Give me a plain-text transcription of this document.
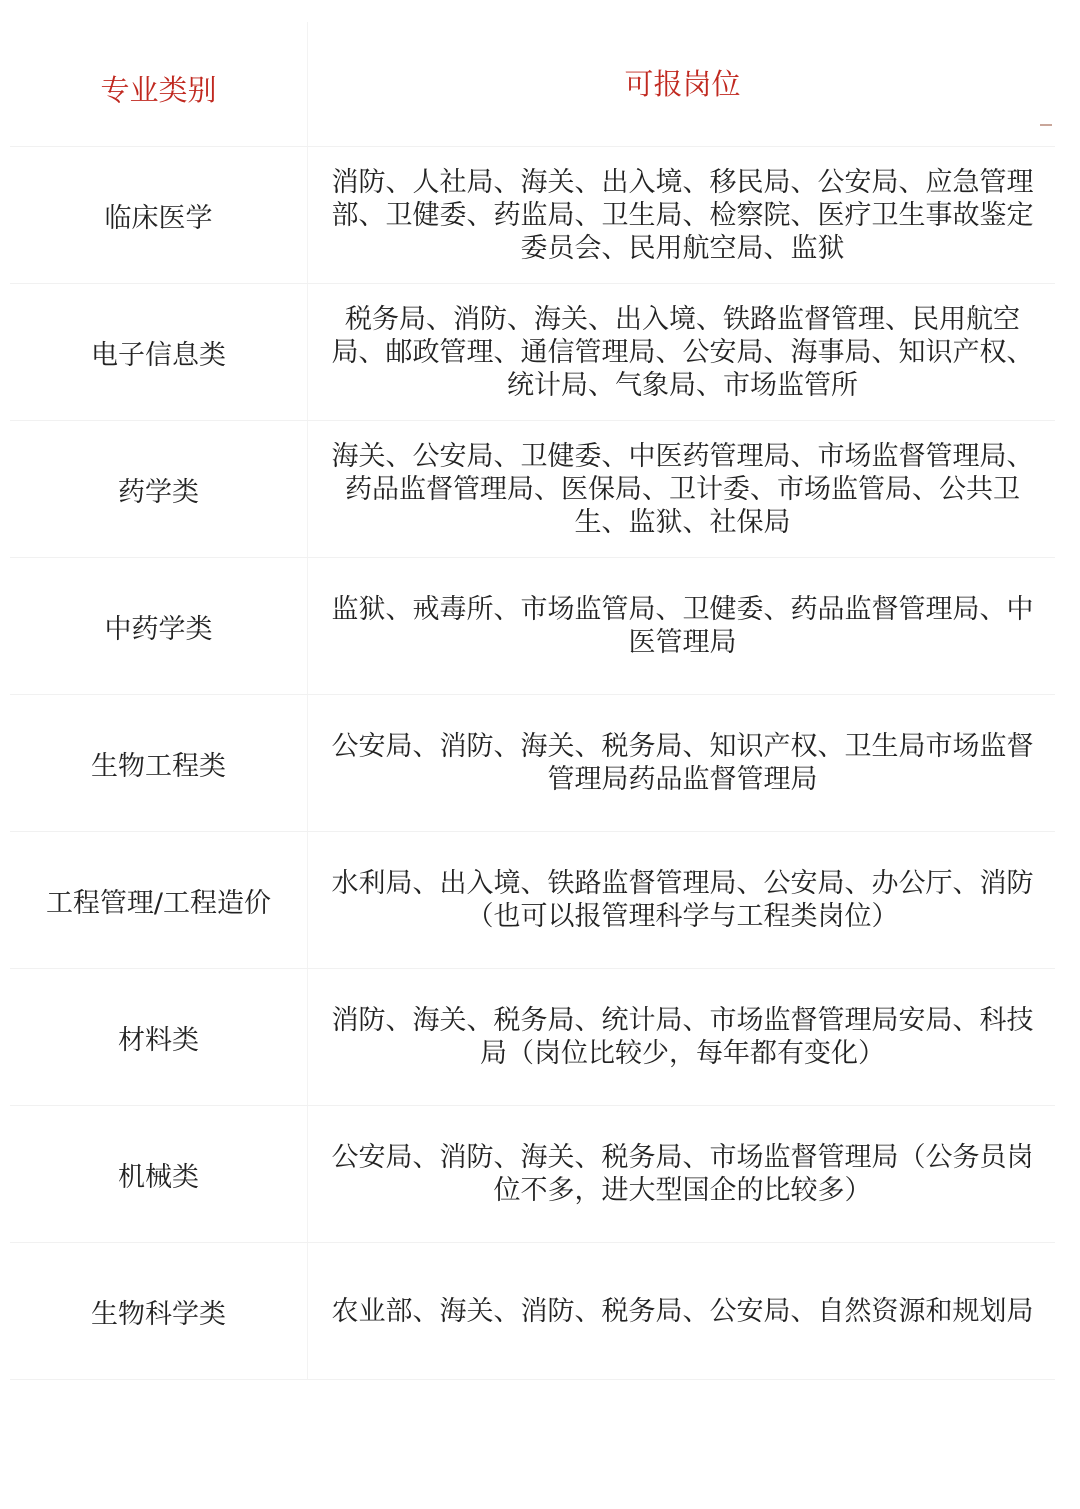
专业类别	可报岗位
临床医学
消防、人社局、海关、出入境、移民局、公安局、应急管理部、卫健委、药监局、卫生局、检察院、医疗卫生事故鉴定委员会、民用航空局、监狱
电子信息类
税务局、消防、海关、出入境、铁路监督管理、民用航空局、邮政管理、通信管理局、公安局、海事局、知识产权、统计局、气象局、市场监管所
药学类
海关、公安局、卫健委、中医药管理局、市场监督管理局、药品监督管理局、医保局、卫计委、市场监管局、公共卫生、监狱、社保局
中药学类
监狱、戒毒所、市场监管局、卫健委、药品监督管理局、中医管理局
生物工程类
公安局、消防、海关、税务局、知识产权、卫生局市场监督管理局药品监督管理局
工程管理/工程造价
水利局、出入境、铁路监督管理局、公安局、办公厅、消防（也可以报管理科学与工程类岗位）
材料类
消防、海关、税务局、统计局、市场监督管理局安局、科技局（岗位比较少，每年都有变化）
机械类
公安局、消防、海关、税务局、市场监督管理局（公务员岗位不多，进大型国企的比较多）
生物科学类	农业部、海关、消防、税务局、公安局、自然资源和规划局
